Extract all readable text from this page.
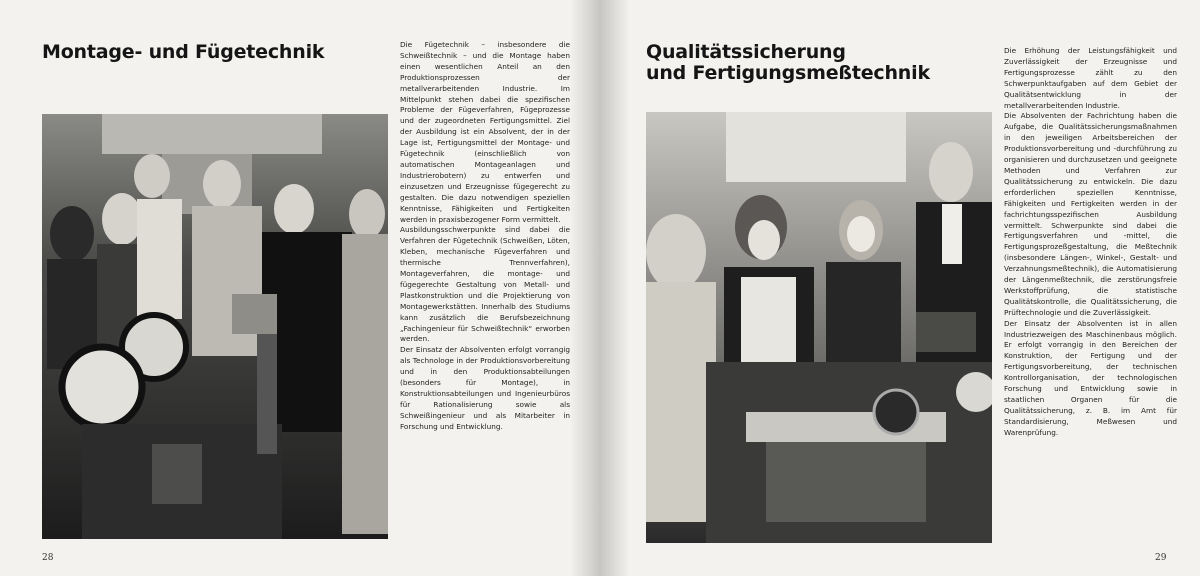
Montage- und Fügetechnik	Die Fügetechnik – insbesondere die Schweißtechnik – und die Montage haben einen wesentlichen Anteil an den Produktionsprozessen der metallverarbeitenden Industrie. Im Mittelpunkt stehen dabei die spezifischen Probleme der Fügeverfahren, Fügeprozesse und der zugeordneten Fertigungsmittel. Ziel der Ausbildung ist ein Absolvent, der in der Lage ist, Fertigungsmittel der Montage- und Fügetechnik (einschließlich von automatischen Montageanlagen und Industrierobotern) zu entwerfen und einzusetzen und Erzeugnisse fügegerecht zu gestalten. Die dazu notwendigen speziellen Kenntnisse, Fähigkeiten und Fertigkeiten werden in praxisbezogener Form vermittelt.

Ausbildungsschwerpunkte sind dabei die Verfahren der Fügetechnik (Schweißen, Löten, Kleben, mechanische Fügeverfahren und thermische Trennverfahren), Montageverfahren, die montage- und fügegerechte Gestaltung von Metall- und Plastkonstruktion und die Projektierung von Montagewerkstätten. Innerhalb des Studiums kann zusätzlich die Berufsbezeichnung „Fachingenieur für Schweißtechnik“ erworben werden.

Der Einsatz der Absolventen erfolgt vorrangig als Technologe in der Produktionsvorbereitung und in den Produktionsabteilungen (besonders für Montage), in Konstruktionsabteilungen und Ingenieurbüros für Rationalisierung sowie als Schweißingenieur und als Mitarbeiter in Forschung und Entwicklung.

28

Qualitätssicherung
und Fertigungsmeßtechnik

Die Erhöhung der Leistungsfähigkeit und Zuverlässigkeit der Erzeugnisse und Fertigungsprozesse zählt zu den Schwerpunktaufgaben auf dem Gebiet der Qualitätsentwicklung in der metallverarbeitenden Industrie.

Die Absolventen der Fachrichtung haben die Aufgabe, die Qualitätssicherungsmaßnahmen in den jeweiligen Arbeitsbereichen der Produktionsvorbereitung und -durchführung zu organisieren und durchzusetzen und geeignete Methoden und Verfahren zur Qualitätssicherung zu entwickeln. Die dazu erforderlichen speziellen Kenntnisse, Fähigkeiten und Fertigkeiten werden in der fachrichtungsspezifischen Ausbildung vermittelt. Schwerpunkte sind dabei die Fertigungsverfahren und -mittel, die Fertigungsprozeßgestaltung, die Meßtechnik (insbesondere Längen-, Winkel-, Gestalt- und Verzahnungsmeßtechnik), die Automatisierung der Längenmeßtechnik, die zerstörungsfreie Werkstoffprüfung, die statistische Qualitätskontrolle, die Qualitätssicherung, die Prüftechnologie und die Zuverlässigkeit.

Der Einsatz der Absolventen ist in allen Industriezweigen des Maschinenbaus möglich. Er erfolgt vorrangig in den Bereichen der Konstruktion, der Fertigung und der Fertigungsvorbereitung, der technischen Kontrollorganisation, der technologischen Forschung und Entwicklung sowie in staatlichen Organen für die Qualitätssicherung, z. B. im Amt für Standardisierung, Meßwesen und Warenprüfung.

29
